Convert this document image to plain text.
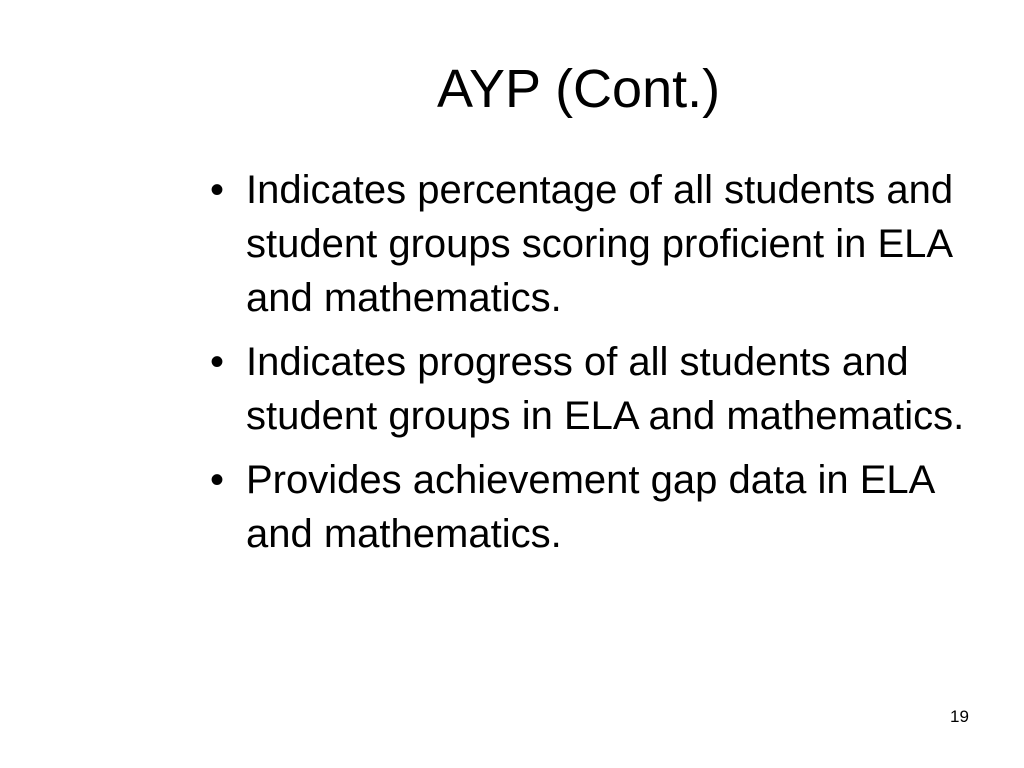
AYP (Cont.)
• Indicates percentage of all students and student groups scoring proficient in ELA and mathematics.
• Indicates progress of all students and student groups in ELA and mathematics.
• Provides achievement gap data in ELA and mathematics.
19
